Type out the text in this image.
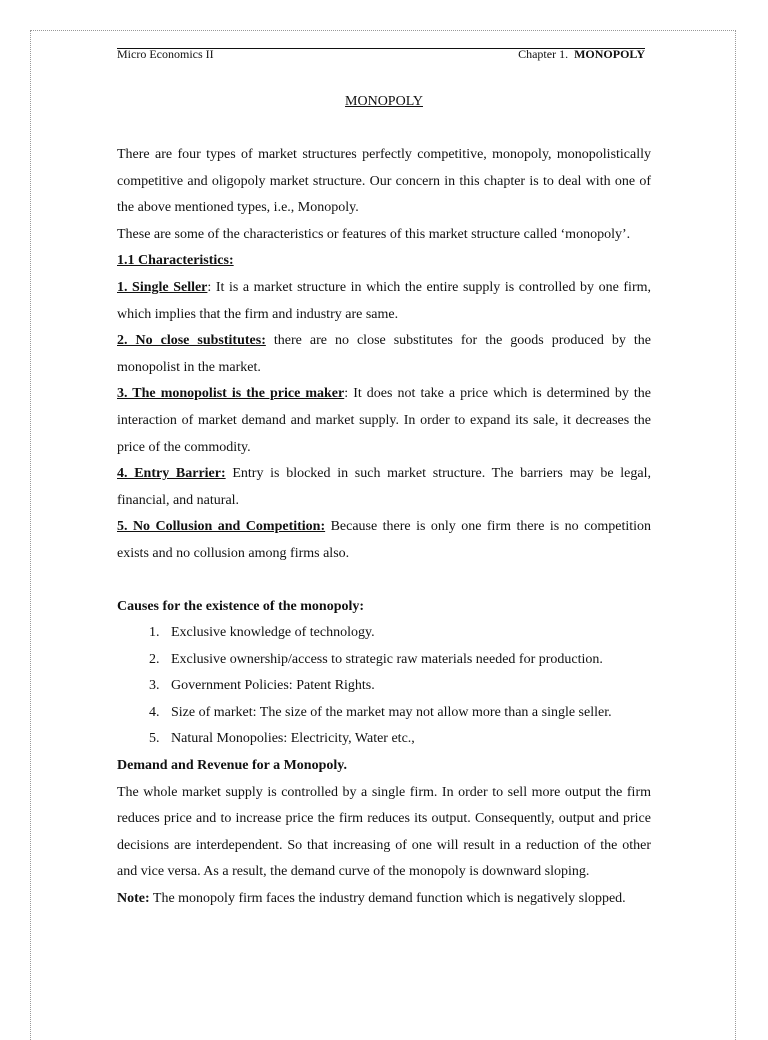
Micro Economics II	Chapter 1. MONOPOLY
MONOPOLY

There are four types of market structures perfectly competitive, monopoly, monopolistically competitive and oligopoly market structure. Our concern in this chapter is to deal with one of the above mentioned types, i.e., Monopoly.

These are some of the characteristics or features of this market structure called ‘monopoly’.

1.1 Characteristics:

1. Single Seller: It is a market structure in which the entire supply is controlled by one firm, which implies that the firm and industry are same.

2. No close substitutes: there are no close substitutes for the goods produced by the monopolist in the market.

3. The monopolist is the price maker: It does not take a price which is determined by the interaction of market demand and market supply. In order to expand its sale, it decreases the price of the commodity.

4. Entry Barrier: Entry is blocked in such market structure. The barriers may be legal, financial, and natural.

5. No Collusion and Competition: Because there is only one firm there is no competition exists and no collusion among firms also.

Causes for the existence of the monopoly:

1. Exclusive knowledge of technology.
2. Exclusive ownership/access to strategic raw materials needed for production.
3. Government Policies: Patent Rights.
4. Size of market: The size of the market may not allow more than a single seller.
5. Natural Monopolies: Electricity, Water etc.,

Demand and Revenue for a Monopoly.

The whole market supply is controlled by a single firm. In order to sell more output the firm reduces price and to increase price the firm reduces its output. Consequently, output and price decisions are interdependent. So that increasing of one will result in a reduction of the other and vice versa. As a result, the demand curve of the monopoly is downward sloping.

Note: The monopoly firm faces the industry demand function which is negatively slopped.
